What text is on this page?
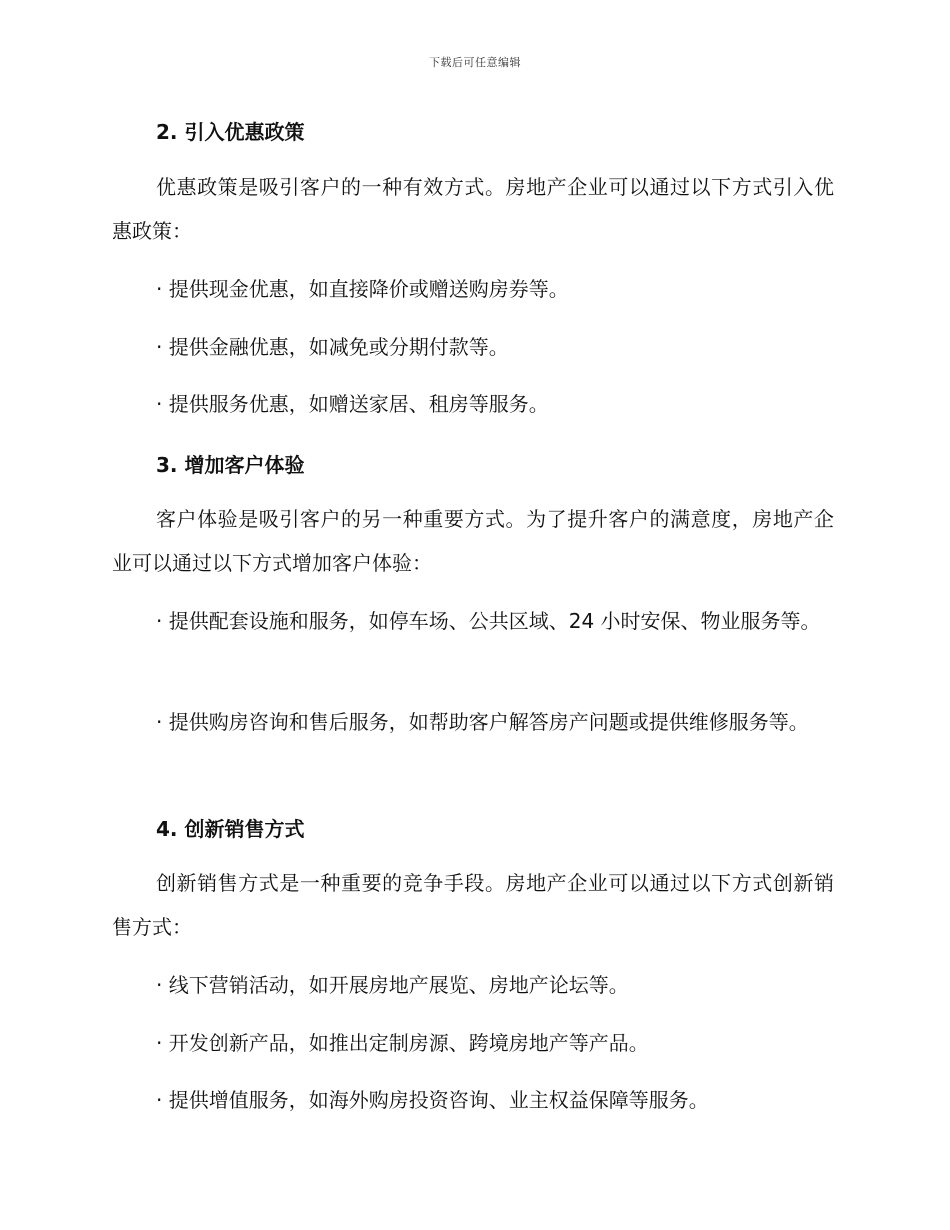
下载后可任意编辑
2. 引入优惠政策
优惠政策是吸引客户的一种有效方式。房地产企业可以通过以下方式引入优惠政策：
· 提供现金优惠，如直接降价或赠送购房券等。
· 提供金融优惠，如减免或分期付款等。
· 提供服务优惠，如赠送家居、租房等服务。
3. 增加客户体验
客户体验是吸引客户的另一种重要方式。为了提升客户的满意度，房地产企业可以通过以下方式增加客户体验：
· 提供配套设施和服务，如停车场、公共区域、24 小时安保、物业服务等。
· 提供购房咨询和售后服务，如帮助客户解答房产问题或提供维修服务等。
4. 创新销售方式
创新销售方式是一种重要的竞争手段。房地产企业可以通过以下方式创新销售方式：
· 线下营销活动，如开展房地产展览、房地产论坛等。
· 开发创新产品，如推出定制房源、跨境房地产等产品。
· 提供增值服务，如海外购房投资咨询、业主权益保障等服务。
